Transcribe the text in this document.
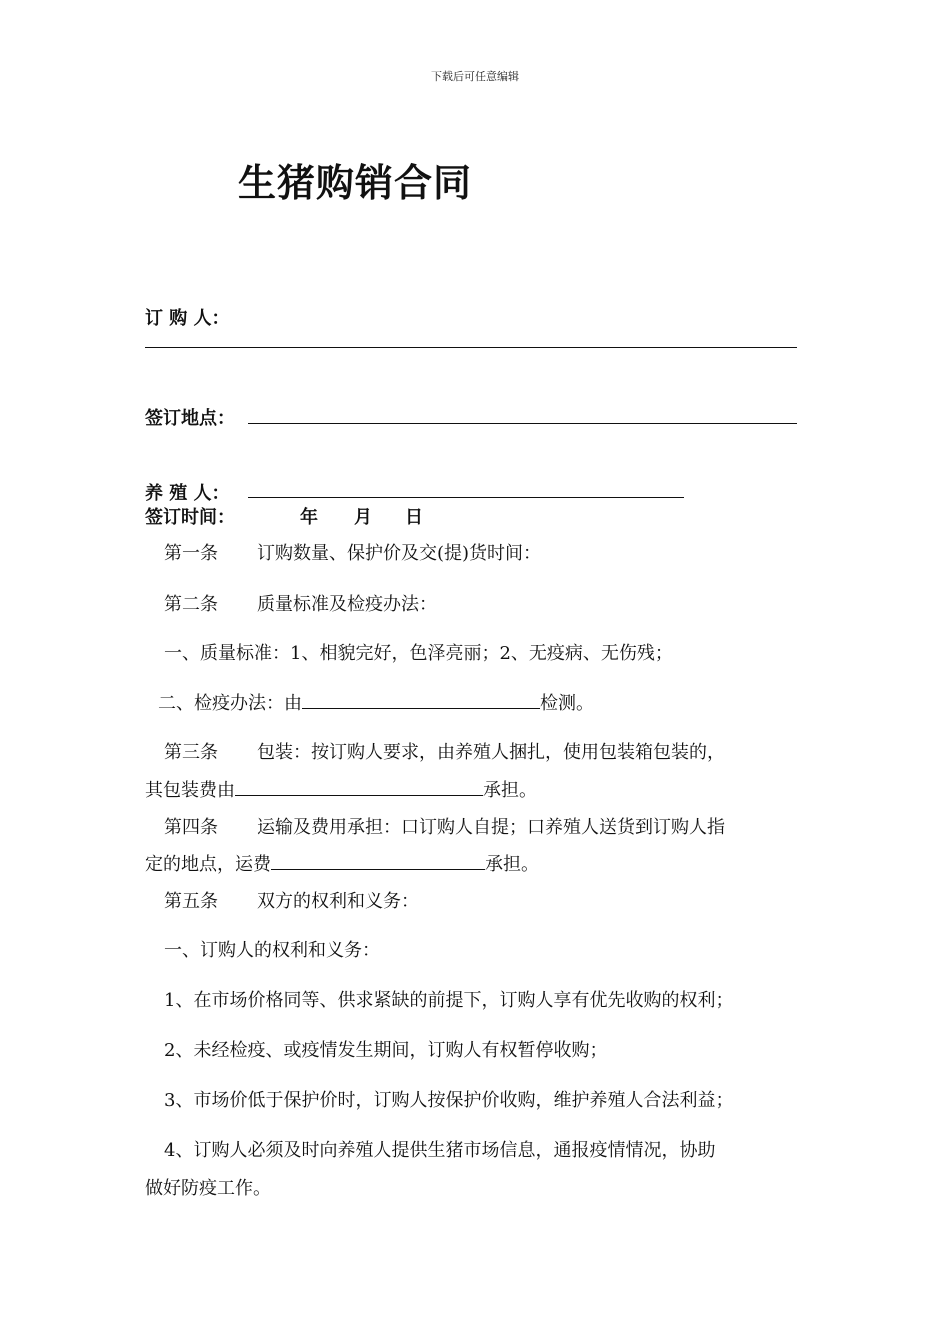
下载后可任意编辑
生猪购销合同
订 购 人：
签订地点：
养 殖 人：
签订时间：	年 月 日
第一条 订购数量、保护价及交(提)货时间：
第二条 质量标准及检疫办法：
一、质量标准：1、相貌完好，色泽亮丽；2、无疫病、无伤残；
二、检疫办法：由	检测。
第三条 包装：按订购人要求，由养殖人捆扎，使用包装箱包装的，
其包装费由	承担。
第四条 运输及费用承担：口订购人自提；口养殖人送货到订购人指
定的地点，运费	承担。
第五条 双方的权利和义务：
一、订购人的权利和义务：
1、在市场价格同等、供求紧缺的前提下，订购人享有优先收购的权利；
2、未经检疫、或疫情发生期间，订购人有权暂停收购；
3、市场价低于保护价时，订购人按保护价收购，维护养殖人合法利益；
4、订购人必须及时向养殖人提供生猪市场信息，通报疫情情况，协助
做好防疫工作。
